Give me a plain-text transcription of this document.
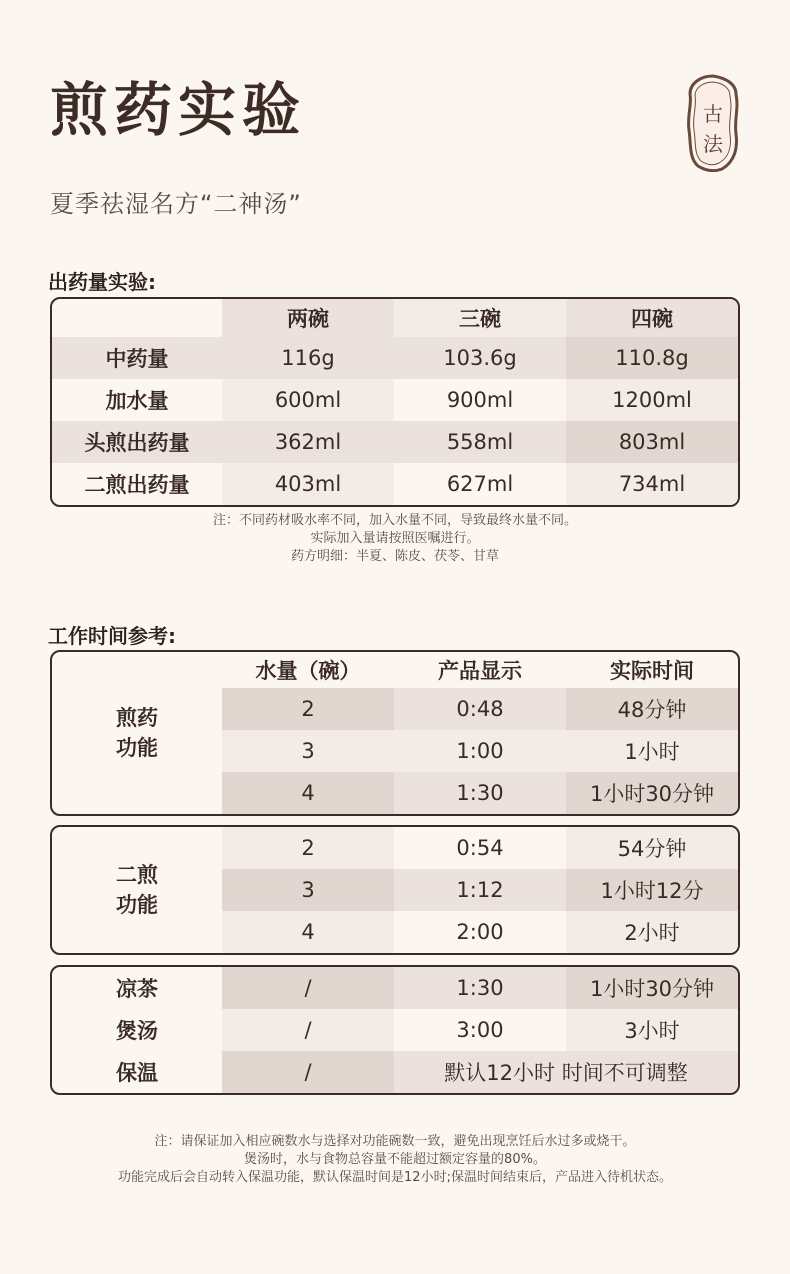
煎药实验
夏季祛湿名方“二神汤”
古
法
出药量实验:
两碗	三碗	四碗
中药量	116g	103.6g	110.8g
加水量	600ml	900ml	1200ml
头煎出药量	362ml	558ml	803ml
二煎出药量	403ml	627ml	734ml
注：不同药材吸水率不同，加入水量不同，导致最终水量不同。
实际加入量请按照医嘱进行。
药方明细：半夏、陈皮、茯苓、甘草
工作时间参考:
煎药
功能
水量（碗）	产品显示	实际时间
2	0:48	48分钟
3	1:00	1小时
4	1:30	1小时30分钟
二煎
功能
2	0:54	54分钟
3	1:12	1小时12分
4	2:00	2小时
凉茶	/	1:30	1小时30分钟
煲汤	/	3:00	3小时
保温	/	默认12小时 时间不可调整
注：请保证加入相应碗数水与选择对功能碗数一致，避免出现烹饪后水过多或烧干。
煲汤时，水与食物总容量不能超过额定容量的80%。
功能完成后会自动转入保温功能，默认保温时间是12小时;保温时间结束后，产品进入待机状态。
